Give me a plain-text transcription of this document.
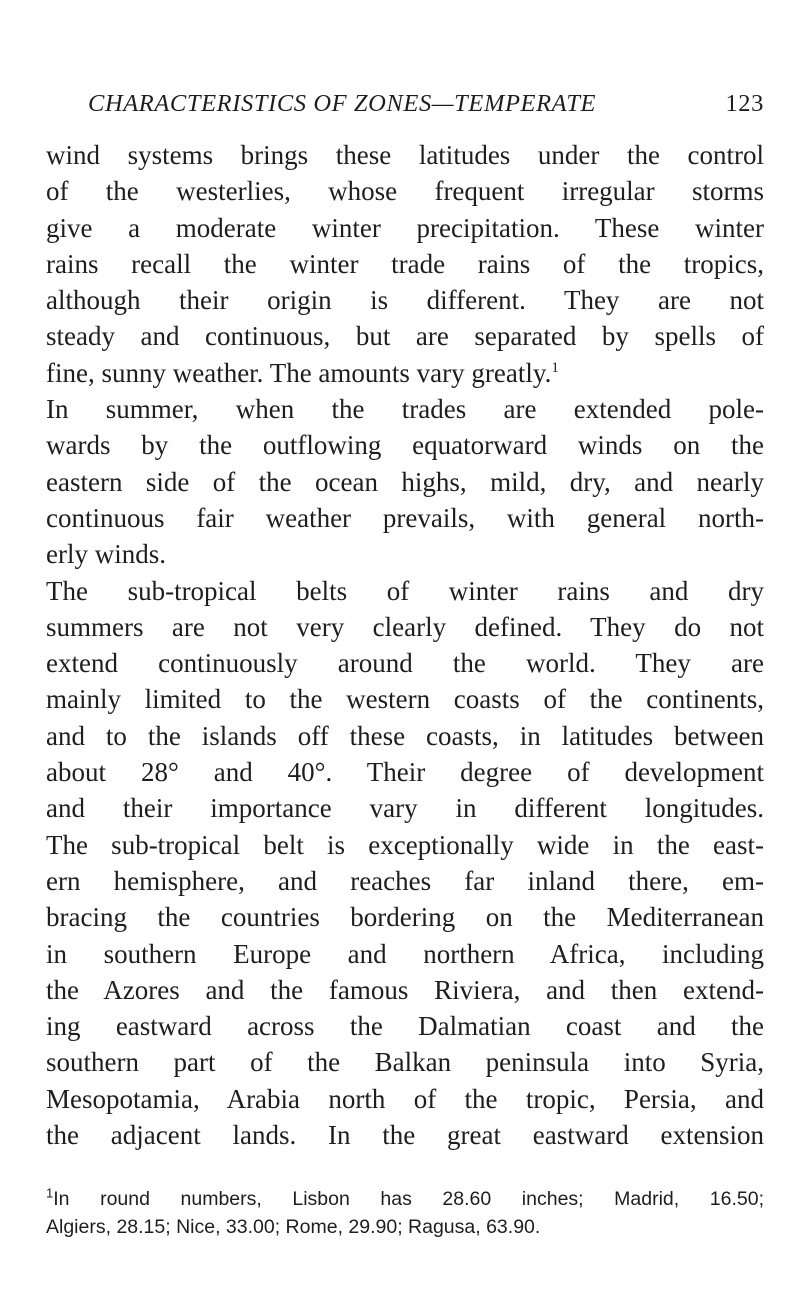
CHARACTERISTICS OF ZONES—TEMPERATE	123
wind systems brings these latitudes under the control
of the westerlies, whose frequent irregular storms
give a moderate winter precipitation. These winter
rains recall the winter trade rains of the tropics,
although their origin is different. They are not
steady and continuous, but are separated by spells of
fine, sunny weather. The amounts vary greatly.$^1$
In summer, when the trades are extended pole-
wards by the outflowing equatorward winds on the
eastern side of the ocean highs, mild, dry, and nearly
continuous fair weather prevails, with general north-
erly winds.
The sub-tropical belts of winter rains and dry
summers are not very clearly defined. They do not
extend continuously around the world. They are
mainly limited to the western coasts of the continents,
and to the islands off these coasts, in latitudes between
about 28° and 40°. Their degree of development
and their importance vary in different longitudes.
The sub-tropical belt is exceptionally wide in the east-
ern hemisphere, and reaches far inland there, em-
bracing the countries bordering on the Mediterranean
in southern Europe and northern Africa, including
the Azores and the famous Riviera, and then extend-
ing eastward across the Dalmatian coast and the
southern part of the Balkan peninsula into Syria,
Mesopotamia, Arabia north of the tropic, Persia, and
the adjacent lands. In the great eastward extension
$^1$In round numbers, Lisbon has 28.60 inches; Madrid, 16.50;
Algiers, 28.15; Nice, 33.00; Rome, 29.90; Ragusa, 63.90.
